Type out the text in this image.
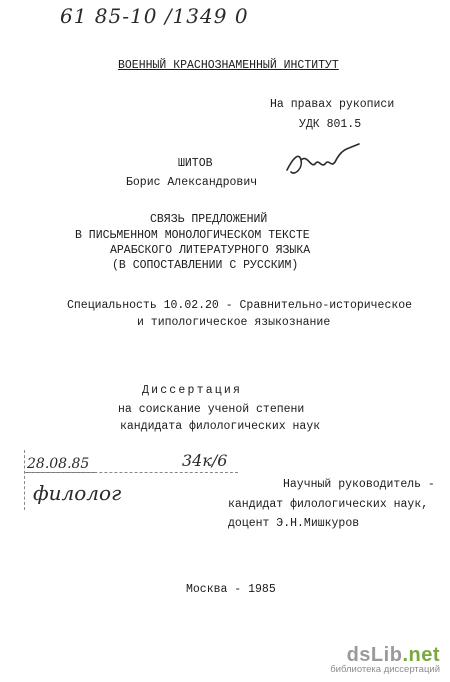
61 85-10 /1349 0
ВОЕННЫЙ КРАСНОЗНАМЕННЫЙ ИНСТИТУТ
На правах рукописи
УДК 801.5
ШИТОВ
Борис Александрович
СВЯЗЬ ПРЕДЛОЖЕНИЙ
В ПИСЬМЕННОМ МОНОЛОГИЧЕСКОМ ТЕКСТЕ
АРАБСКОГО ЛИТЕРАТУРНОГО ЯЗЫКА
(В СОПОСТАВЛЕНИИ С РУССКИМ)
Специальность 10.02.20 - Сравнительно-историческое
и типологическое языкознание
Диссертация
на соискание ученой степени
кандидата филологических наук
28.08.85	34к/6
филолог	Научный руководитель -
кандидат филологических наук,
доцент Э.Н.Мишкуров
Москва - 1985
dsLib.net
библиотека диссертаций
